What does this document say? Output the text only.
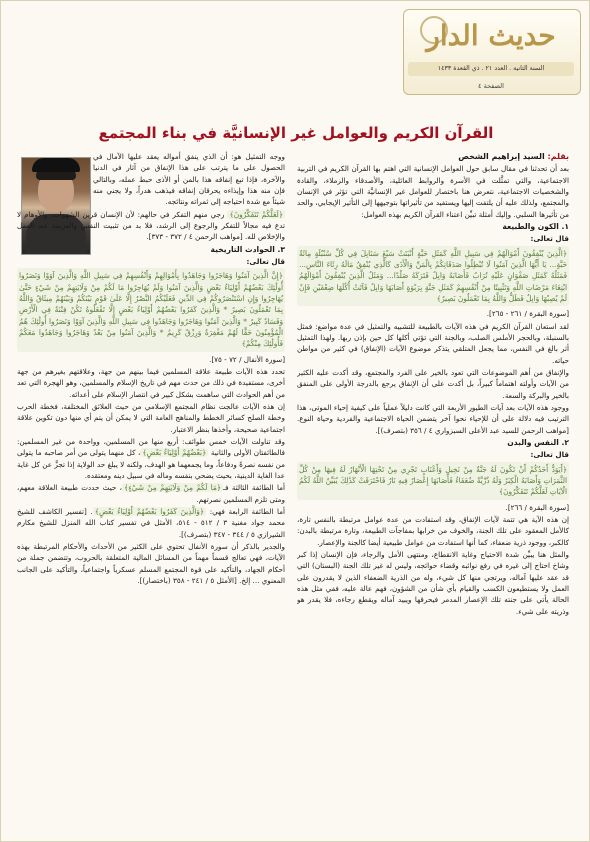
حديث الدار
السنة الثانية . العدد ٢١ . ذي القعدة ١٤٣٣
الصفحة ٤
القرآن الكريم والعوامل غير الإنسانيَّة في بناء المجتمع

بقلم: السيد إبراهيم الشخص

بعد أن تحدثنا في مقال سابق حول العوامل الإنسانية التي اهتم بها القرآن الكريم في التربية الاجتماعية، والتي تمثَّلت في الأسرة والروابط العائلية، والأصدقاء والزملاء، والقادة والشخصيات الاجتماعية، نتعرض هنا باختصار للعوامل غير الإنسانيَّة التي تؤثر في الإنسان والمجتمع، ولذلك عليه أن يلتفت إليها ويستفيد من تأثيراتها بتوجيهها إلى التأثير الإيجابي، والحد من تأثيرها السلبي. وإليك أمثلة تبيِّن اعتناء القرآن الكريم بهذه العوامل:

١. الكون والطبيعة

قال تعالى:

﴿الَّذِينَ يُنْفِقُونَ أَمْوَالَهُمْ فِي سَبِيلِ اللَّهِ كَمَثَلِ حَبَّةٍ أَنْبَتَتْ سَبْعَ سَنَابِلَ فِي كُلِّ سُنْبُلَةٍ مِائَةُ حَبَّةٍ... يَا أَيُّهَا الَّذِينَ آمَنُوا لَا تُبْطِلُوا صَدَقَاتِكُمْ بِالْمَنِّ وَالْأَذَى كَالَّذِي يُنْفِقُ مَالَهُ رِئَاءَ النَّاسِ... فَمَثَلُهُ كَمَثَلِ صَفْوَانٍ عَلَيْهِ تُرَابٌ فَأَصَابَهُ وَابِلٌ فَتَرَكَهُ صَلْدًا... وَمَثَلُ الَّذِينَ يُنْفِقُونَ أَمْوَالَهُمُ ابْتِغَاءَ مَرْضَاتِ اللَّهِ وَتَثْبِيتًا مِنْ أَنْفُسِهِمْ كَمَثَلِ جَنَّةٍ بِرَبْوَةٍ أَصَابَهَا وَابِلٌ فَآتَتْ أُكُلَهَا ضِعْفَيْنِ فَإِنْ لَمْ يُصِبْهَا وَابِلٌ فَطَلٌّ وَاللَّهُ بِمَا تَعْمَلُونَ بَصِيرٌ﴾

[سورة البقرة / ٢٦١ - ٢٦٥].

لقد استعان القرآن الكريم في هذه الآيات بالطبيعة للتشبيه والتمثيل في عدة مواضع: فمثل بالسنبلة، وبالحجر الأملس الصلب، وبالجنة التي تؤتي أكلها كل حين بإذن ربها. ولهذا التمثيل أثر بالغ في النفس، مما يجعل المتلقي يتذكر موضوع الآيات (الإنفاق) في كثير من مواطن حياته.

والإنفاق من أهم الموضوعات التي تعود بالخير على الفرد والمجتمع، وقد أكدت عليه الكثير من الآيات وأولته اهتماماً كبيراً، بل أكدت على أن الإنفاق يرجع بالدرجة الأولى على المنفق بالخير والبركة والسعة.

ووجود هذه الآيات بعد آيات الطيور الأربعة التي كانت دليلاً عملياً على كيفية إحياء الموتى، هذا الترتيب فيه دلالة على أن للإحياء نحوا آخر يتضمن الحياة الاجتماعية والفردية وحياة النوع. [مواهب الرحمن للسيد عبد الأعلى السبزواري ٤ / ٣٥٦ (بتصرف)].

٢. النفس والبدن

قال تعالى:

﴿أَيَوَدُّ أَحَدُكُمْ أَنْ تَكُونَ لَهُ جَنَّةٌ مِنْ نَخِيلٍ وَأَعْنَابٍ تَجْرِي مِنْ تَحْتِهَا الْأَنْهَارُ لَهُ فِيهَا مِنْ كُلِّ الثَّمَرَاتِ وَأَصَابَهُ الْكِبَرُ وَلَهُ ذُرِّيَّةٌ ضُعَفَاءُ فَأَصَابَهَا إِعْصَارٌ فِيهِ نَارٌ فَاحْتَرَقَتْ كَذَٰلِكَ يُبَيِّنُ اللَّهُ لَكُمُ الْآيَاتِ لَعَلَّكُمْ تَتَفَكَّرُونَ﴾

[سورة البقرة / ٢٦٦].

إن هذه الآية هي تتمة لآيات الإنفاق، وقد استفادت من عدة عوامل مرتبطة بالنفس تارة، كالأمل المعقود على تلك الجنة، والخوف من خرابها بمفاجآت الطبيعة، وتارة مرتبطة بالبدن: كالكبر، ووجود ذرية ضعفاء، كما أنها استفادت من عوامل طبيعية أيضا كالجنة والإعصار.

والمثل هنا يبيِّن شدة الاحتياج وغاية الانقطاع، ومنتهى الأمل والرجاء، فإن الإنسان إذا كبر وشاخ احتاج إلى غيره في رفع نوائبه وقضاء حوائجه، وليس له غير تلك الجنة (البستان) التي قد عقد عليها آماله، ويرتجي منها كل شيء، وله من الذرية الضعفاء الذين لا يقدرون على العمل ولا يستطيعون الكسب والقيام بأي شأن من الشؤون، فهم عالة عليه، ففي مثل هذه الحالة يأتي على جنته تلك الإعصار المدمر فيحرقها ويبيد آماله ويقطع رجاءه، فلا يقدر هو وذريته على شيء.

ووجه التمثيل هو: أن الذي ينفق أمواله يعقد عليها الآمال في الحصول على ما يترتب على هذا الإنفاق من آثار في الدنيا والآخرة، فإذا تبع إنفاقه هذا بالمن أو الأذى حبط عمله، وبالتالي فإن منه هذا وإيذاءه يحرقان إنفاقه فيذهب هدراً، ولا يجني منه شيئاً مع شدة احتياجه إلى ثمراته ونتائجه.

﴿لَعَلَّكُمْ تَتَفَكَّرُونَ﴾ رجي منهم التفكر في حالهم: لأن الإنسان قرين الشهوات، والأوهام لا تدع فيه مجالاً للتفكر والرجوع إلى الرشد، فلا بد من تثبيت النفس والعزيمة عند العمل والإخلاص لله. [مواهب الرحمن ٤ / ٣٧٢ - ٣٧٣].

٣. الحوادث التاريخية

قال تعالى:

﴿إِنَّ الَّذِينَ آمَنُوا وَهَاجَرُوا وَجَاهَدُوا بِأَمْوَالِهِمْ وَأَنْفُسِهِمْ فِي سَبِيلِ اللَّهِ وَالَّذِينَ آوَوْا وَنَصَرُوا أُولَٰئِكَ بَعْضُهُمْ أَوْلِيَاءُ بَعْضٍ وَالَّذِينَ آمَنُوا وَلَمْ يُهَاجِرُوا مَا لَكُمْ مِنْ وَلَايَتِهِمْ مِنْ شَيْءٍ حَتَّىٰ يُهَاجِرُوا وَإِنِ اسْتَنْصَرُوكُمْ فِي الدِّينِ فَعَلَيْكُمُ النَّصْرُ إِلَّا عَلَىٰ قَوْمٍ بَيْنَكُمْ وَبَيْنَهُمْ مِيثَاقٌ وَاللَّهُ بِمَا تَعْمَلُونَ بَصِيرٌ * وَالَّذِينَ كَفَرُوا بَعْضُهُمْ أَوْلِيَاءُ بَعْضٍ إِلَّا تَفْعَلُوهُ تَكُنْ فِتْنَةٌ فِي الْأَرْضِ وَفَسَادٌ كَبِيرٌ * وَالَّذِينَ آمَنُوا وَهَاجَرُوا وَجَاهَدُوا فِي سَبِيلِ اللَّهِ وَالَّذِينَ آوَوْا وَنَصَرُوا أُولَٰئِكَ هُمُ الْمُؤْمِنُونَ حَقًّا لَهُمْ مَغْفِرَةٌ وَرِزْقٌ كَرِيمٌ * وَالَّذِينَ آمَنُوا مِنْ بَعْدُ وَهَاجَرُوا وَجَاهَدُوا مَعَكُمْ فَأُولَٰئِكَ مِنْكُمْ﴾

[سورة الأنفال / ٧٢ - ٧٥].

تحدد هذه الآيات طبيعة علاقة المسلمين فيما بينهم من جهة، وعلاقتهم بغيرهم من جهة أخرى، مستفيدة في ذلك من حدث مهم في تاريخ الإسلام والمسلمين، وهو الهجرة التي تعد من أهم الحوادث التي ساهمت بشكل كبير في انتصار الإسلام على أعدائه.

إن هذه الآيات عالجت نظام المجتمع الإسلامي من حيث العلائق المختلفة، فخطة الحرب وخطة الصلح كسائر الخطط والمناهج العامة التي لا يمكن أن يتم أي منها دون تكوين علاقة اجتماعية صحيحة، وأخذها بنظر الاعتبار.

وقد تناولت الآيات خمس طوائف: أربع منها من المسلمين، وواحدة من غير المسلمين: فالطائفتان الأولى والثانية ﴿بَعْضُهُمْ أَوْلِيَاءُ بَعْضٍ﴾، كل منهما يتولى من أمر صاحبه ما يتولى من نفسه نصرةً ودفاعاً، وما يجمعهما هو الهدف، ولكنه لا يبلغ حد الولاية إذا تجزَّ عن كل غاية عدا الغاية الدينية، بحيث يضحي بنفسه وماله في سبيل دينه ومعتقده.

أما الطائفة الثالثة فـ﴿مَا لَكُمْ مِنْ وَلَايَتِهِمْ مِنْ شَيْءٍ﴾، حيث حددت طبيعة العلاقة معهم، ومتى تلزم المسلمين نصرتهم.

أما الطائفة الرابعة فهي: ﴿وَالَّذِينَ كَفَرُوا بَعْضُهُمْ أَوْلِيَاءُ بَعْضٍ﴾. [تفسير الكاشف للشيخ محمد جواد مغنية ٣ / ٥١٢ - ٥١٤، الأمثل في تفسير كتاب الله المنزل للشيخ مكارم الشيرازي ٥ / ٣٤٤ - ٣٤٧ (بتصرف)].

والجدير بالذكر أن سورة الأنفال تحتوي على الكثير من الأحداث والأحكام المرتبطة بهذه الآيات، فهي تعالج قسماً مهماً من المسائل المالية المتعلقة بالحروب، وتتضمن جملة من أحكام الجهاد، والتأكيد على قوة المجتمع المسلم عسكرياً واجتماعياً، والتأكيد على الجانب المعنوي ... إلخ. [الأمثل ٥ / ٢٤١ - ٣٥٨ (باختصار)].
